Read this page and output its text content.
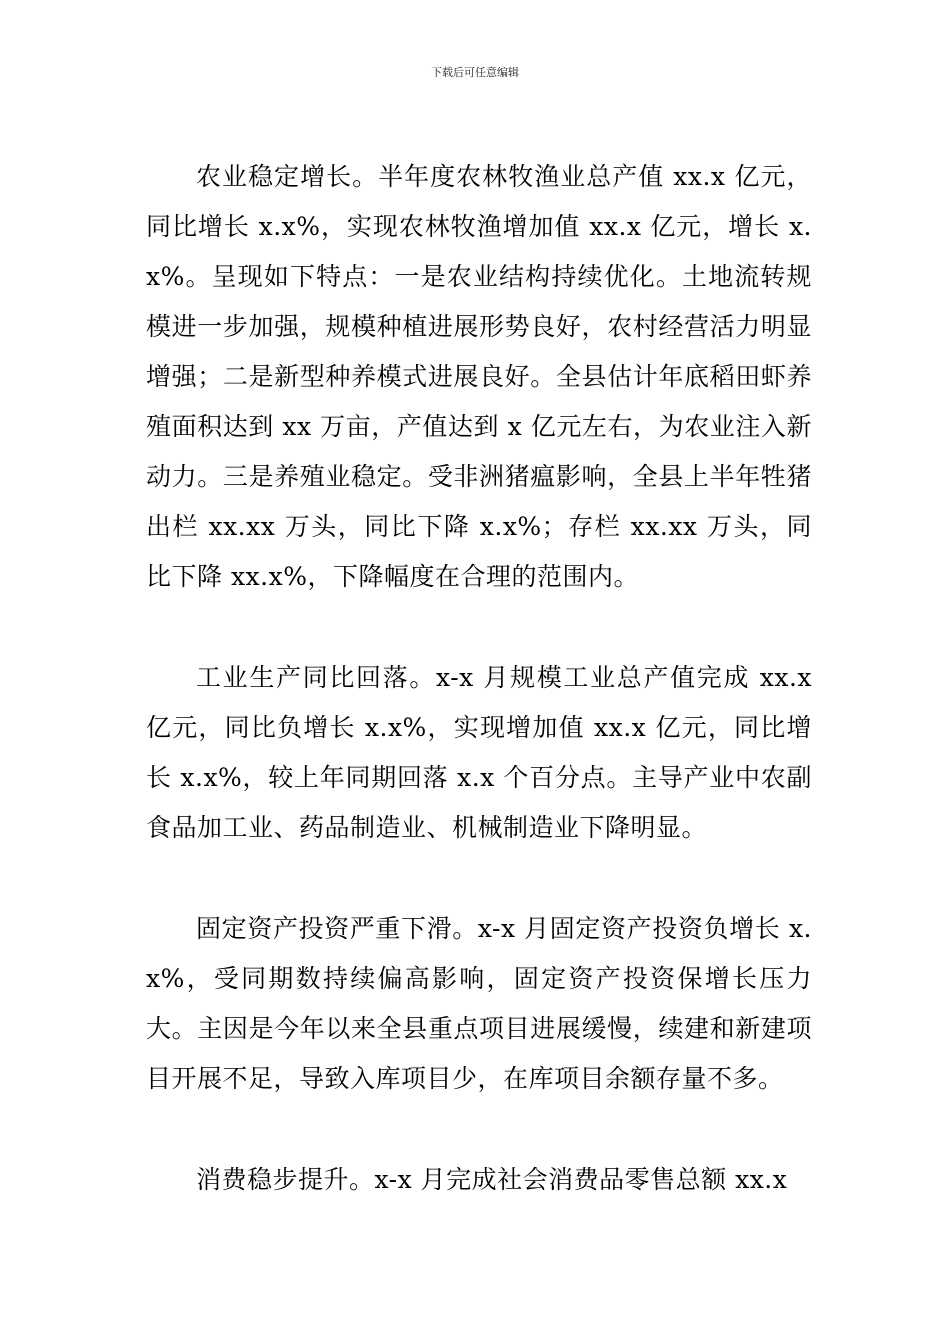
下载后可任意编辑

农业稳定增长。半年度农林牧渔业总产值 xx.x 亿元，同比增长 x.x%，实现农林牧渔增加值 xx.x 亿元，增长 x.x%。呈现如下特点：一是农业结构持续优化。土地流转规模进一步加强，规模种植进展形势良好，农村经营活力明显增强；二是新型种养模式进展良好。全县估计年底稻田虾养殖面积达到 xx 万亩，产值达到 x 亿元左右，为农业注入新动力。三是养殖业稳定。受非洲猪瘟影响，全县上半年牲猪出栏 xx.xx 万头，同比下降 x.x%；存栏 xx.xx 万头，同比下降 xx.x%，下降幅度在合理的范围内。

工业生产同比回落。x-x 月规模工业总产值完成 xx.x 亿元，同比负增长 x.x%，实现增加值 xx.x 亿元，同比增长 x.x%，较上年同期回落 x.x 个百分点。主导产业中农副食品加工业、药品制造业、机械制造业下降明显。

固定资产投资严重下滑。x-x 月固定资产投资负增长 x.x%，受同期数持续偏高影响，固定资产投资保增长压力大。主因是今年以来全县重点项目进展缓慢，续建和新建项目开展不足，导致入库项目少，在库项目余额存量不多。

消费稳步提升。x-x 月完成社会消费品零售总额 xx.x
